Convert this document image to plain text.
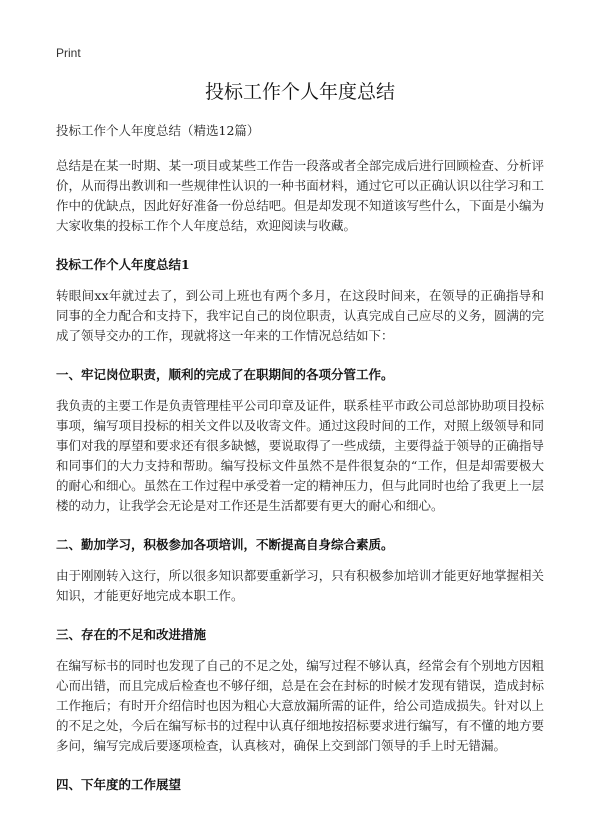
Print
投标工作个人年度总结
投标工作个人年度总结（精选12篇）

总结是在某一时期、某一项目或某些工作告一段落或者全部完成后进行回顾检查、分析评价，从而得出教训和一些规律性认识的一种书面材料，通过它可以正确认识以往学习和工作中的优缺点，因此好好准备一份总结吧。但是却发现不知道该写些什么，下面是小编为大家收集的投标工作个人年度总结，欢迎阅读与收藏。

投标工作个人年度总结1

转眼间xx年就过去了，到公司上班也有两个多月，在这段时间来，在领导的正确指导和同事的全力配合和支持下，我牢记自己的岗位职责，认真完成自己应尽的义务，圆满的完成了领导交办的工作，现就将这一年来的工作情况总结如下：

一、牢记岗位职责，顺利的完成了在职期间的各项分管工作。

我负责的主要工作是负责管理桂平公司印章及证件，联系桂平市政公司总部协助项目投标事项，编写项目投标的相关文件以及收寄文件。通过这段时间的工作，对照上级领导和同事们对我的厚望和要求还有很多缺憾，要说取得了一些成绩，主要得益于领导的正确指导和同事们的大力支持和帮助。编写投标文件虽然不是件很复杂的“工作，但是却需要极大的耐心和细心。虽然在工作过程中承受着一定的精神压力，但与此同时也给了我更上一层楼的动力，让我学会无论是对工作还是生活都要有更大的耐心和细心。

二、勤加学习，积极参加各项培训，不断提高自身综合素质。

由于刚刚转入这行，所以很多知识都要重新学习，只有积极参加培训才能更好地掌握相关知识，才能更好地完成本职工作。

三、存在的不足和改进措施

在编写标书的同时也发现了自己的不足之处，编写过程不够认真，经常会有个别地方因粗心而出错，而且完成后检查也不够仔细，总是在会在封标的时候才发现有错误，造成封标工作拖后；有时开介绍信时也因为粗心大意放漏所需的证件，给公司造成损失。针对以上的不足之处，今后在编写标书的过程中认真仔细地按招标要求进行编写，有不懂的地方要多问，编写完成后要逐项检查，认真核对，确保上交到部门领导的手上时无错漏。

四、下年度的工作展望
